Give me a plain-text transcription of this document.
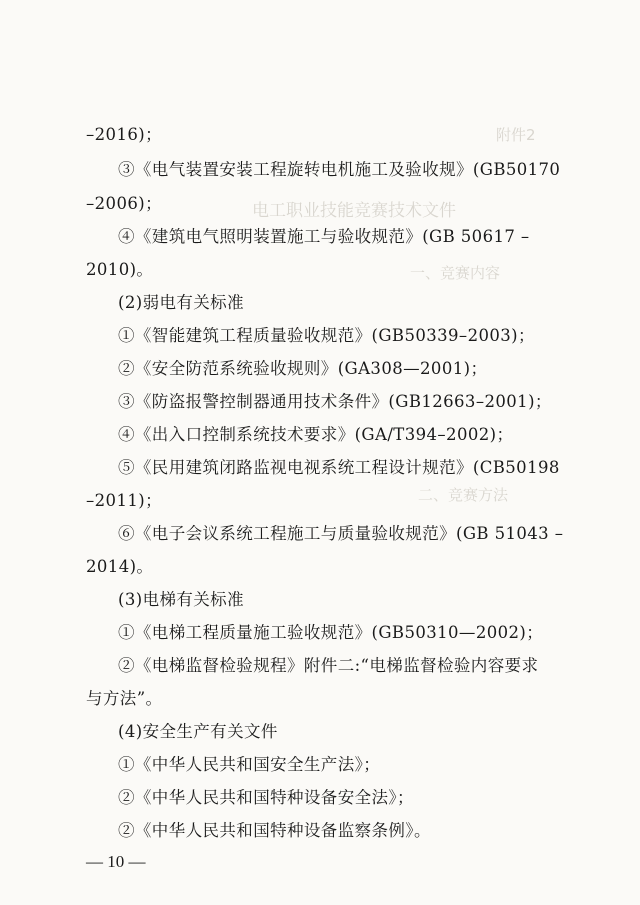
附件2
电工职业技能竞赛技术文件
一、竞赛内容
二、竞赛方法
–2016)；
③《电气装置安装工程旋转电机施工及验收规》(GB50170
–2006)；
④《建筑电气照明装置施工与验收规范》(GB 50617 –
2010)。
(2)弱电有关标准
①《智能建筑工程质量验收规范》(GB50339–2003)；
②《安全防范系统验收规则》(GA308—2001)；
③《防盗报警控制器通用技术条件》(GB12663–2001)；
④《出入口控制系统技术要求》(GA/T394–2002)；
⑤《民用建筑闭路监视电视系统工程设计规范》(CB50198
–2011)；
⑥《电子会议系统工程施工与质量验收规范》(GB 51043 –
2014)。
(3)电梯有关标准
①《电梯工程质量施工验收规范》(GB50310—2002)；
②《电梯监督检验规程》附件二:“电梯监督检验内容要求
与方法”。
(4)安全生产有关文件
①《中华人民共和国安全生产法》；
②《中华人民共和国特种设备安全法》；
②《中华人民共和国特种设备监察条例》。
— 10 —
